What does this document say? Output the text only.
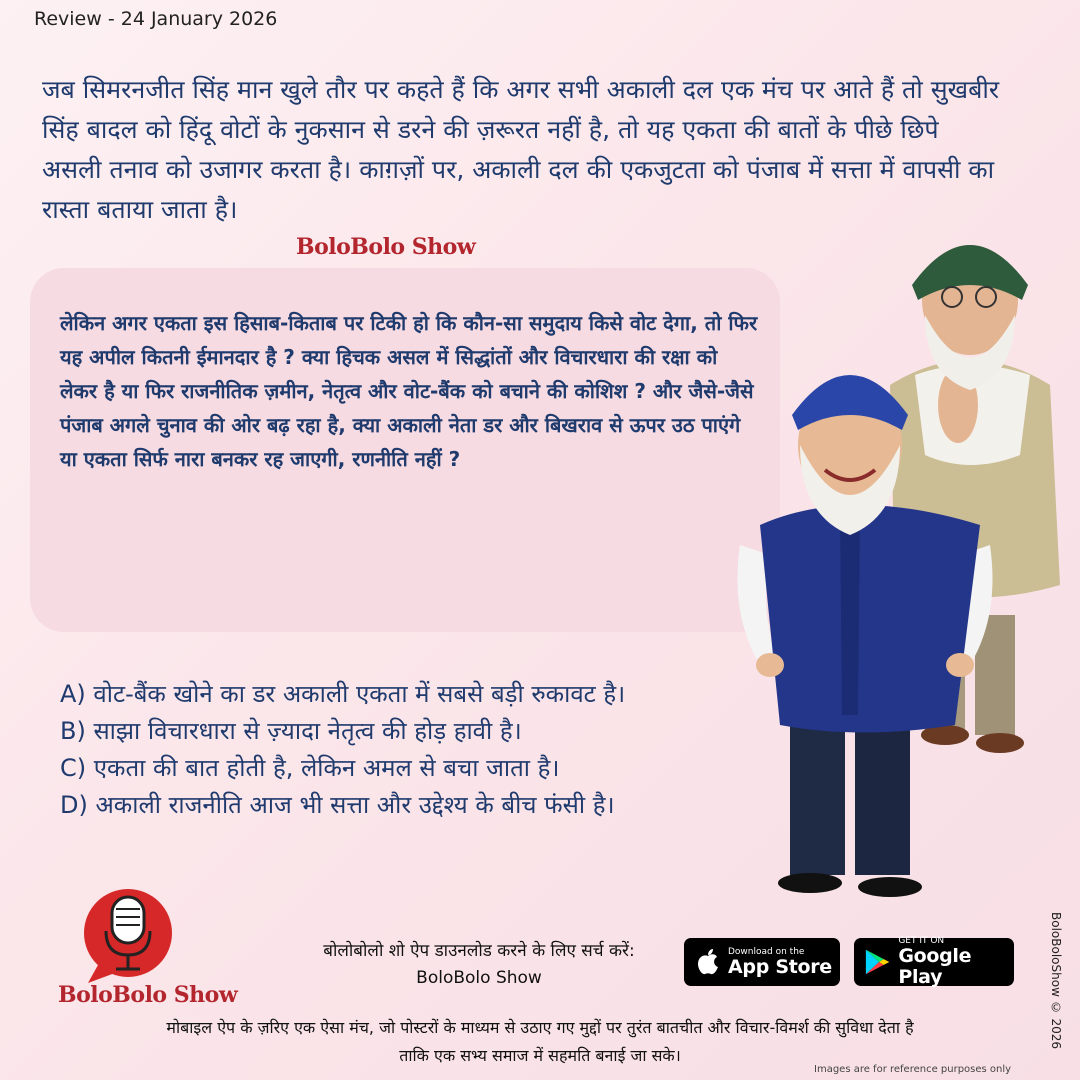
Review - 24 January 2026

जब सिमरनजीत सिंह मान खुले तौर पर कहते हैं कि अगर सभी अकाली दल एक मंच पर आते हैं तो सुखबीर सिंह बादल को हिंदू वोटों के नुकसान से डरने की ज़रूरत नहीं है, तो यह एकता की बातों के पीछे छिपे असली तनाव को उजागर करता है। काग़ज़ों पर, अकाली दल की एकजुटता को पंजाब में सत्ता में वापसी का रास्ता बताया जाता है।

BoloBolo Show

लेकिन अगर एकता इस हिसाब-किताब पर टिकी हो कि कौन-सा समुदाय किसे वोट देगा, तो फिर यह अपील कितनी ईमानदार है ? क्या हिचक असल में सिद्धांतों और विचारधारा की रक्षा को लेकर है या फिर राजनीतिक ज़मीन, नेतृत्व और वोट-बैंक को बचाने की कोशिश ? और जैसे-जैसे पंजाब अगले चुनाव की ओर बढ़ रहा है, क्या अकाली नेता डर और बिखराव से ऊपर उठ पाएंगे या एकता सिर्फ नारा बनकर रह जाएगी, रणनीति नहीं ?

A) वोट-बैंक खोने का डर अकाली एकता में सबसे बड़ी रुकावट है।
B) साझा विचारधारा से ज़्यादा नेतृत्व की होड़ हावी है।
C) एकता की बात होती है, लेकिन अमल से बचा जाता है।
D) अकाली राजनीति आज भी सत्ता और उद्देश्य के बीच फंसी है।
BoloBolo Show
बोलोबोलो शो ऐप डाउनलोड करने के लिए सर्च करें:
BoloBolo Show
Download on the
App Store
GET IT ON
Google Play
मोबाइल ऐप के ज़रिए एक ऐसा मंच, जो पोस्टरों के माध्यम से उठाए गए मुद्दों पर तुरंत बातचीत और विचार-विमर्श की सुविधा देता है
ताकि एक सभ्य समाज में सहमति बनाई जा सके।
BoloBoloShow © 2026
Images are for reference purposes only
